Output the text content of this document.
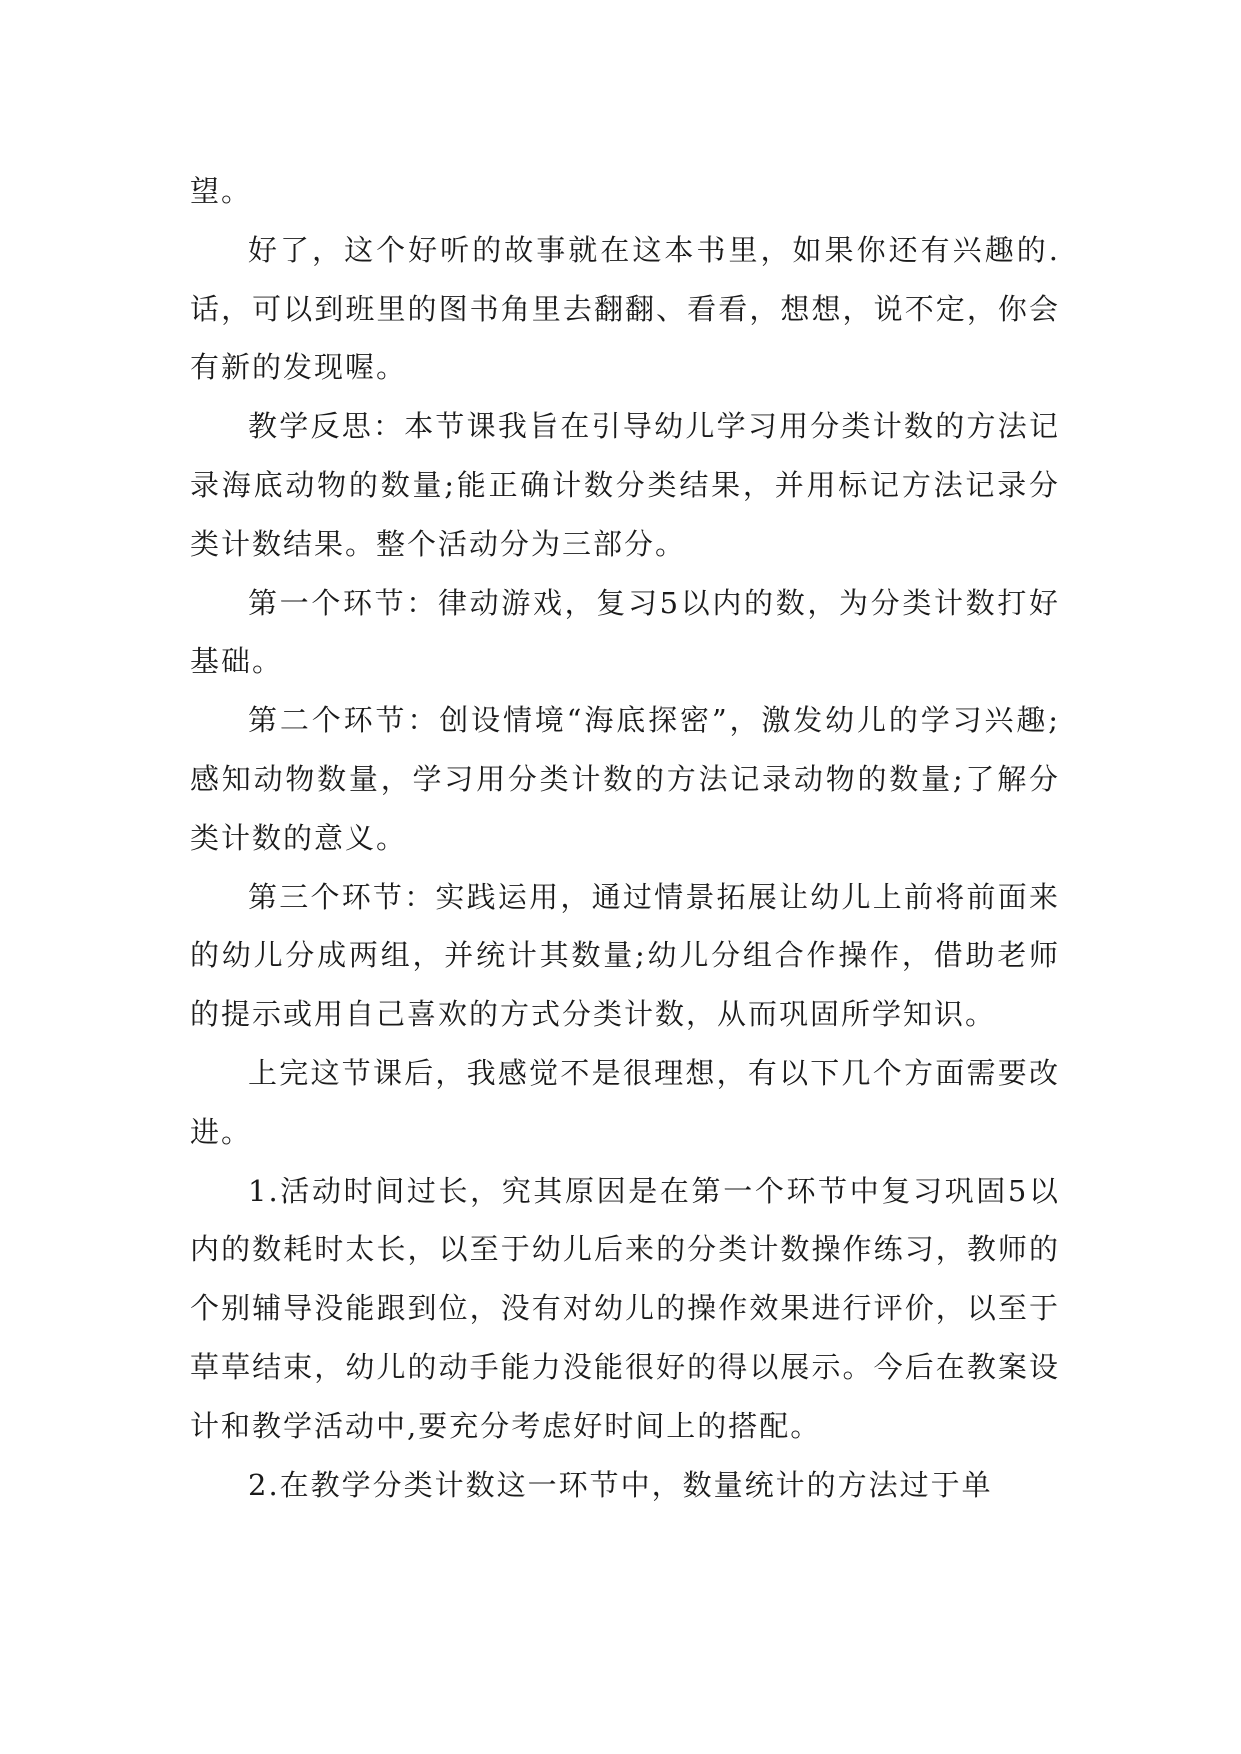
望。

好了，这个好听的故事就在这本书里，如果你还有兴趣的.话，可以到班里的图书角里去翻翻、看看，想想，说不定，你会有新的发现喔。

教学反思：本节课我旨在引导幼儿学习用分类计数的方法记录海底动物的数量;能正确计数分类结果，并用标记方法记录分类计数结果。整个活动分为三部分。

第一个环节：律动游戏，复习5以内的数，为分类计数打好基础。

第二个环节：创设情境“海底探密”，激发幼儿的学习兴趣;感知动物数量，学习用分类计数的方法记录动物的数量;了解分类计数的意义。

第三个环节：实践运用，通过情景拓展让幼儿上前将前面来的幼儿分成两组，并统计其数量;幼儿分组合作操作，借助老师的提示或用自己喜欢的方式分类计数，从而巩固所学知识。

上完这节课后，我感觉不是很理想，有以下几个方面需要改进。

1.活动时间过长，究其原因是在第一个环节中复习巩固5以内的数耗时太长，以至于幼儿后来的分类计数操作练习，教师的个别辅导没能跟到位，没有对幼儿的操作效果进行评价，以至于草草结束，幼儿的动手能力没能很好的得以展示。今后在教案设计和教学活动中,要充分考虑好时间上的搭配。

2.在教学分类计数这一环节中，数量统计的方法过于单
